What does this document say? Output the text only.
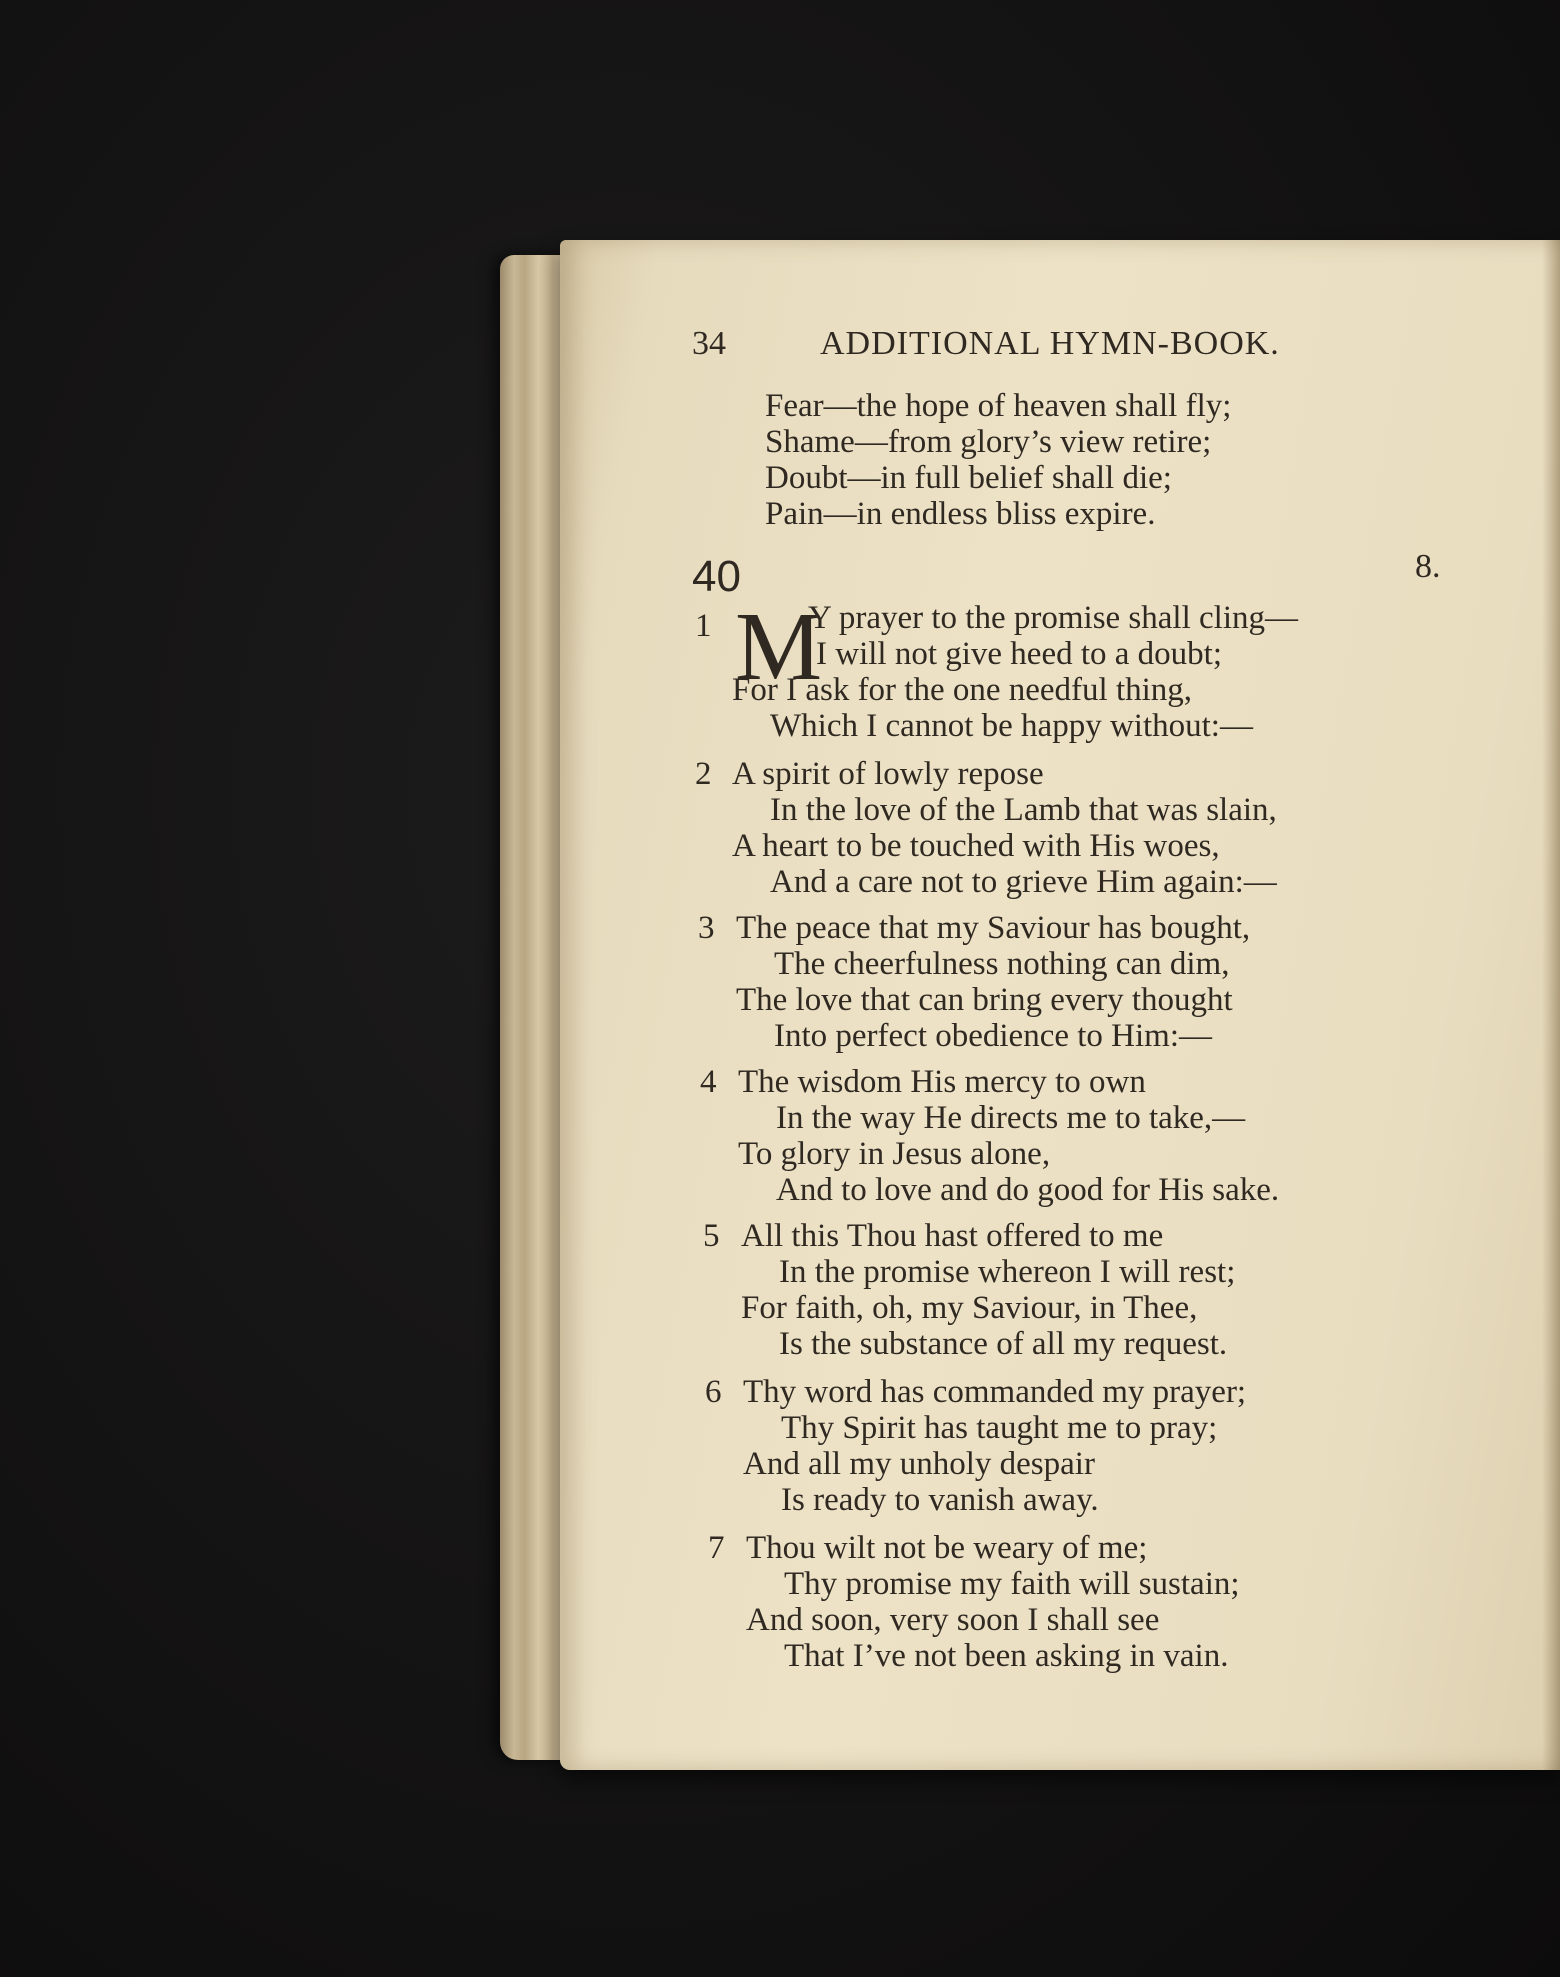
34	ADDITIONAL HYMN-BOOK.
Fear—the hope of heaven shall fly;
Shame—from glory’s view retire;
Doubt—in full belief shall die;
Pain—in endless bliss expire.
40	8.
1 M
Y prayer to the promise shall cling—
I will not give heed to a doubt;
For I ask for the one needful thing,
Which I cannot be happy without:—
2 A spirit of lowly repose
In the love of the Lamb that was slain,
A heart to be touched with His woes,
And a care not to grieve Him again:—
3 The peace that my Saviour has bought,
The cheerfulness nothing can dim,
The love that can bring every thought
Into perfect obedience to Him:—
4 The wisdom His mercy to own
In the way He directs me to take,—
To glory in Jesus alone,
And to love and do good for His sake.
5 All this Thou hast offered to me
In the promise whereon I will rest;
For faith, oh, my Saviour, in Thee,
Is the substance of all my request.
6 Thy word has commanded my prayer;
Thy Spirit has taught me to pray;
And all my unholy despair
Is ready to vanish away.
7 Thou wilt not be weary of me;
Thy promise my faith will sustain;
And soon, very soon I shall see
That I’ve not been asking in vain.
